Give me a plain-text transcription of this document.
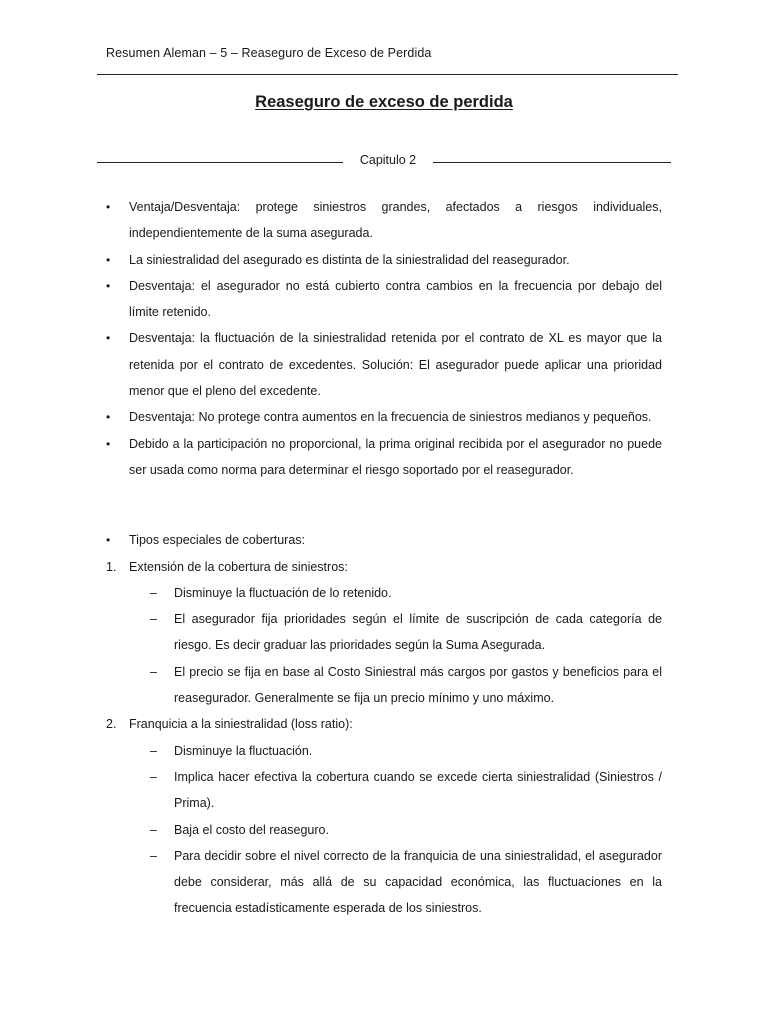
Resumen Aleman – 5 – Reaseguro de Exceso de Perdida
Reaseguro de exceso de perdida
Capitulo 2
•	Ventaja/Desventaja: protege siniestros grandes, afectados a riesgos individuales, independientemente de la suma asegurada.
•	La siniestralidad del asegurado es distinta de la siniestralidad del reasegurador.
•	Desventaja: el asegurador no está cubierto contra cambios en la frecuencia por debajo del límite retenido.
•	Desventaja: la fluctuación de la siniestralidad retenida por el contrato de XL es mayor que la retenida por el contrato de excedentes. Solución: El asegurador puede aplicar una prioridad menor que el pleno del excedente.
•	Desventaja: No protege contra aumentos en la frecuencia de siniestros medianos y pequeños.
•	Debido a la participación no proporcional, la prima original recibida por el asegurador no puede ser usada como norma para determinar el riesgo soportado por el reasegurador.
•	Tipos especiales de coberturas:
1. Extensión de la cobertura de siniestros:
– Disminuye la fluctuación de lo retenido.
– El asegurador fija prioridades según el límite de suscripción de cada categoría de riesgo. Es decir graduar las prioridades según la Suma Asegurada.
– El precio se fija en base al Costo Siniestral más cargos por gastos y beneficios para el reasegurador. Generalmente se fija un precio mínimo y uno máximo.
2. Franquicia a la siniestralidad (loss ratio):
– Disminuye la fluctuación.
– Implica hacer efectiva la cobertura cuando se excede cierta siniestralidad (Siniestros / Prima).
– Baja el costo del reaseguro.
– Para decidir sobre el nivel correcto de la franquicia de una siniestralidad, el asegurador debe considerar, más allá de su capacidad económica, las fluctuaciones en la frecuencia estadísticamente esperada de los siniestros.
